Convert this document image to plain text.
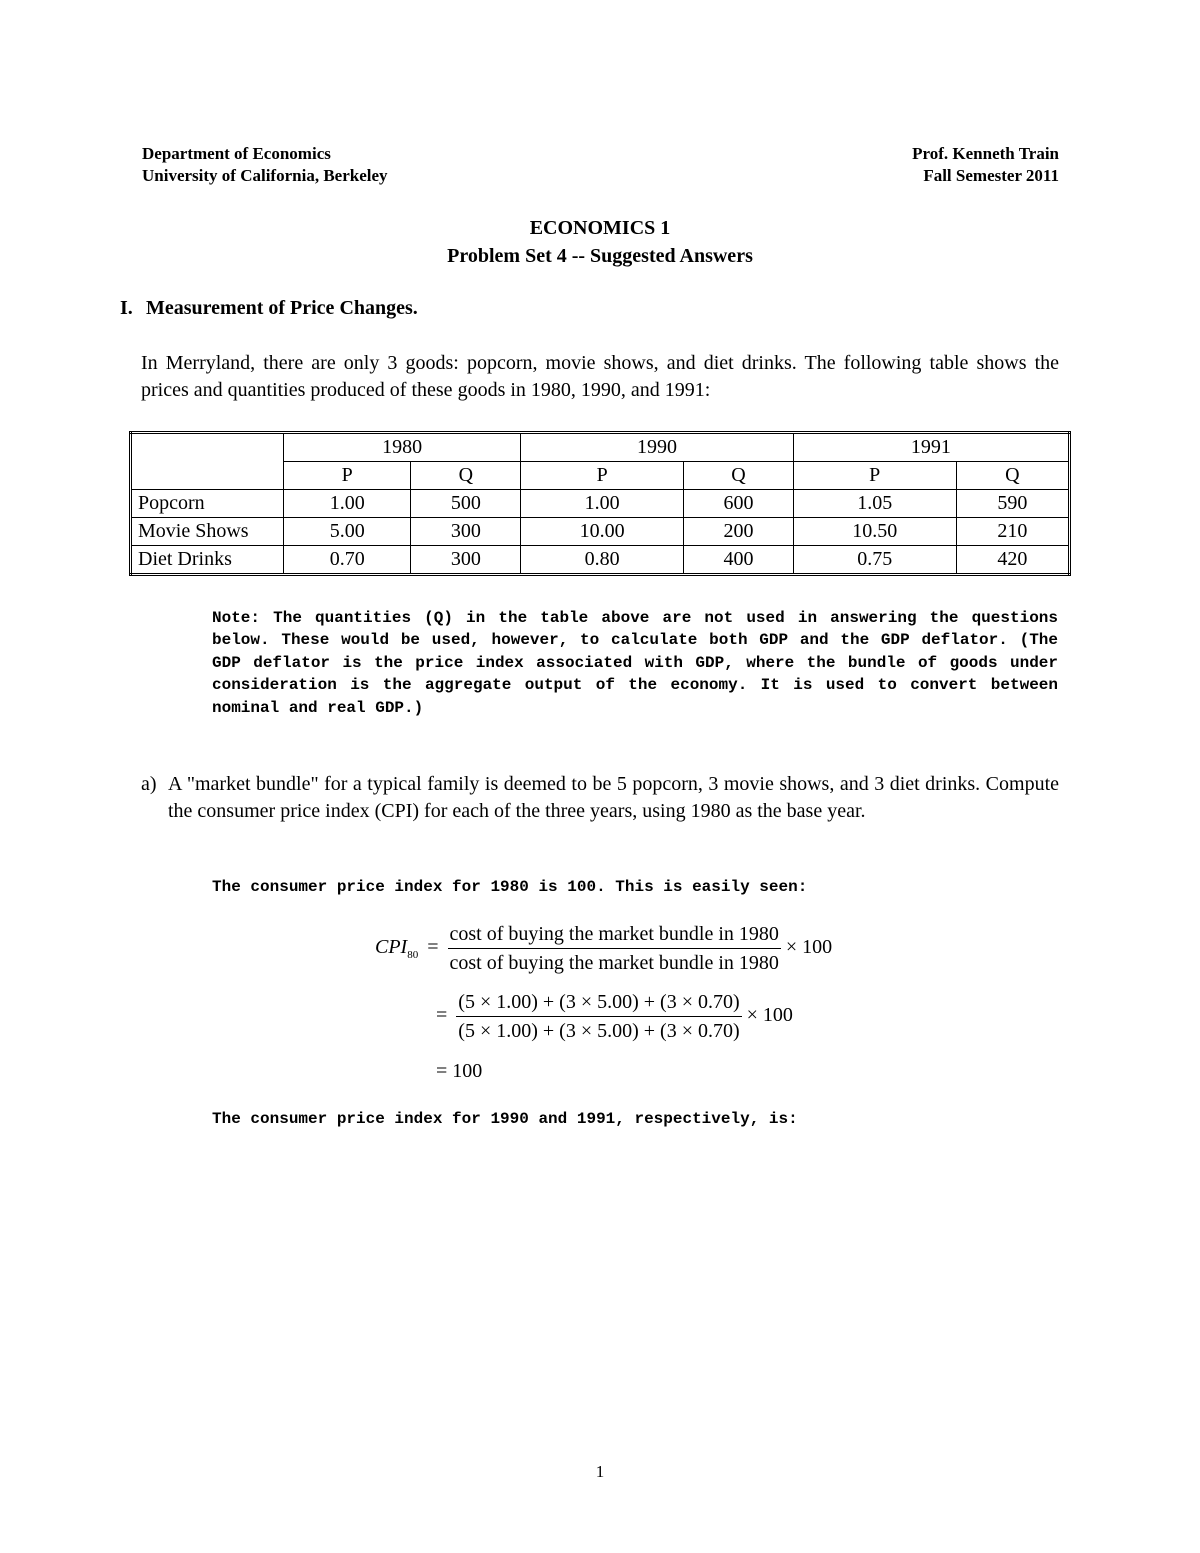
Department of Economics
University of California, Berkeley
Prof. Kenneth Train
Fall Semester 2011
ECONOMICS 1
Problem Set 4 -- Suggested Answers
I. Measurement of Price Changes.
In Merryland, there are only 3 goods: popcorn, movie shows, and diet drinks. The following table shows the prices and quantities produced of these goods in 1980, 1990, and 1991:
	1980		1990		1991	
	P	Q	P	Q	P	Q
Popcorn	1.00	500	1.00	600	1.05	590
Movie Shows	5.00	300	10.00	200	10.50	210
Diet Drinks	0.70	300	0.80	400	0.75	420
Note: The quantities (Q) in the table above are not used in answering the questions below. These would be used, however, to calculate both GDP and the GDP deflator. (The GDP deflator is the price index associated with GDP, where the bundle of goods under consideration is the aggregate output of the economy. It is used to convert between nominal and real GDP.)
a) A "market bundle" for a typical family is deemed to be 5 popcorn, 3 movie shows, and 3 diet drinks. Compute the consumer price index (CPI) for each of the three years, using 1980 as the base year.
The consumer price index for 1980 is 100. This is easily seen:
$CPI_{80} = \frac{\text{cost of buying the market bundle in 1980}}{\text{cost of buying the market bundle in 1980}} \times 100$
= $\frac{(5 \times 1.00) + (3 \times 5.00) + (3 \times 0.70)}{(5 \times 1.00) + (3 \times 5.00) + (3 \times 0.70)} \times 100$
= 100
The consumer price index for 1990 and 1991, respectively, is:
1
